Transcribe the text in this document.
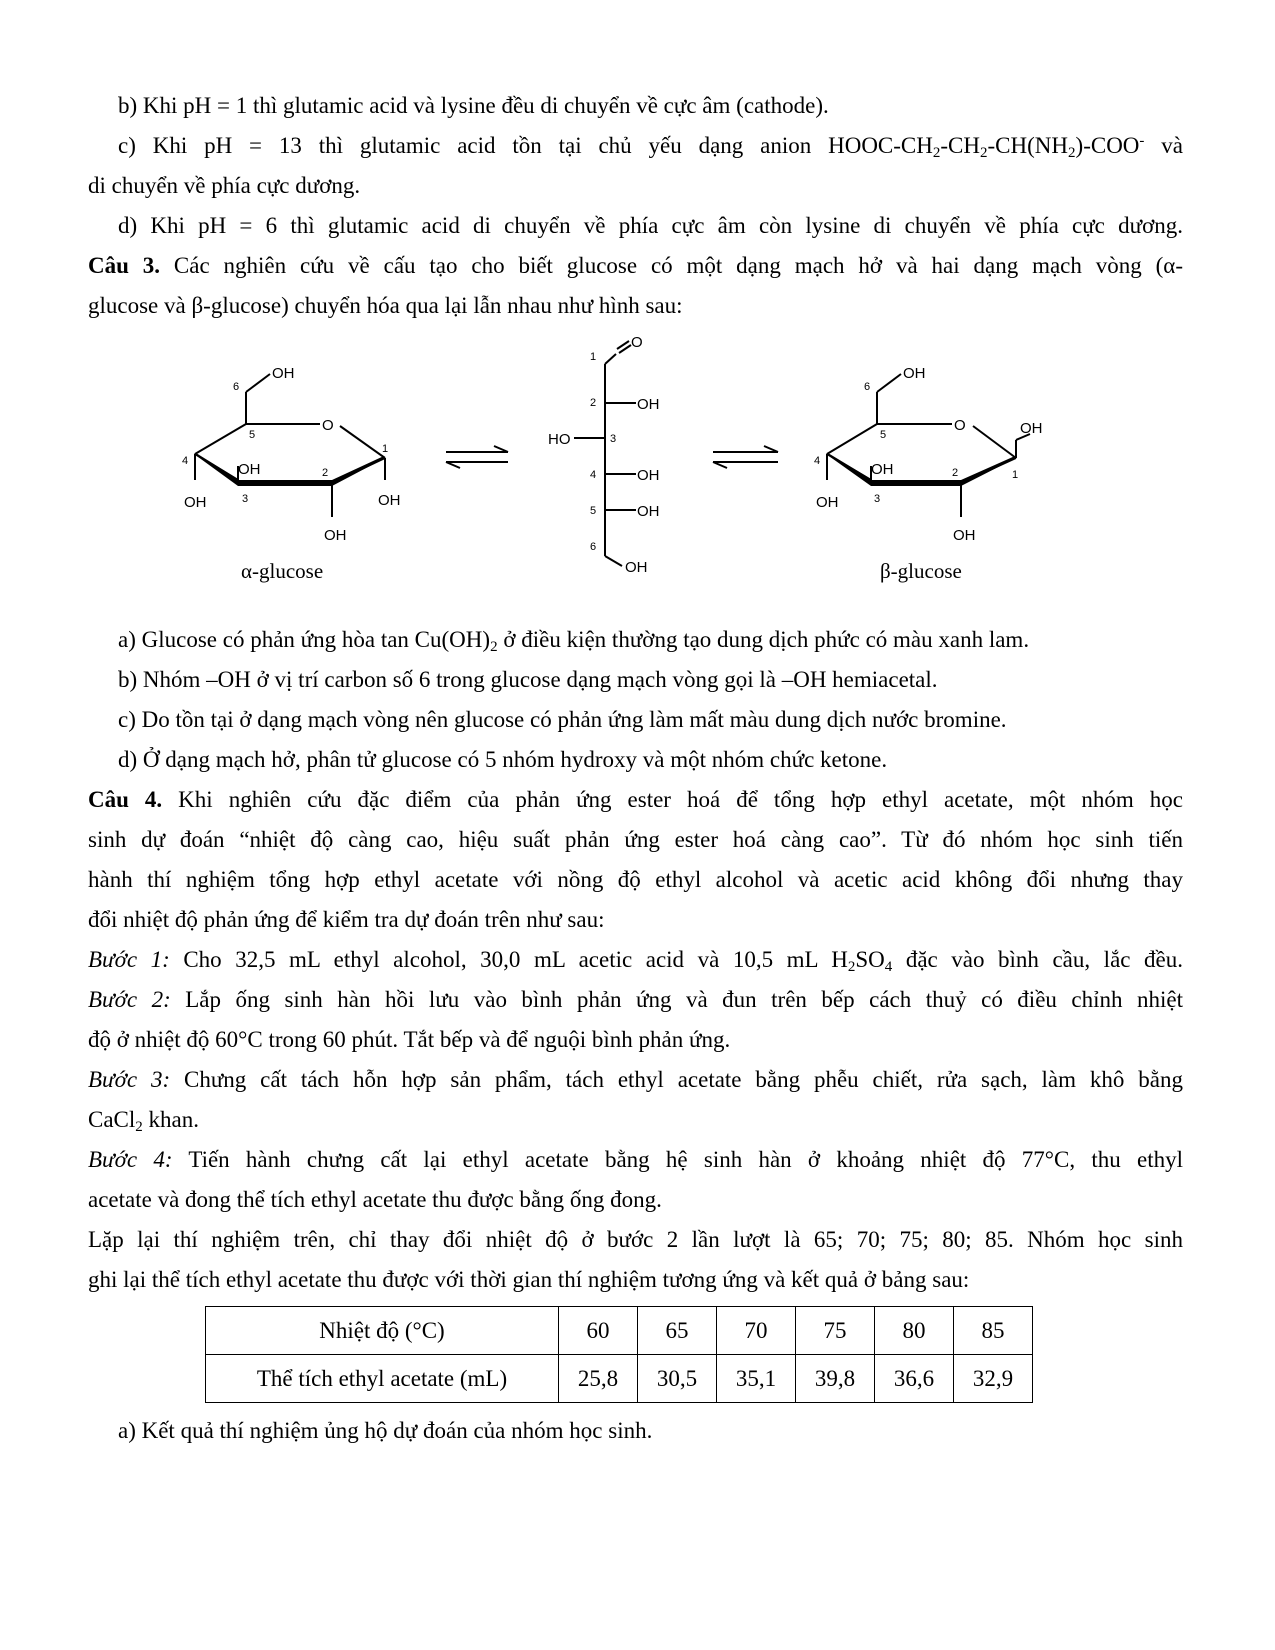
b) Khi pH = 1 thì glutamic acid và lysine đều di chuyển về cực âm (cathode).

c) Khi pH = 13 thì glutamic acid tồn tại chủ yếu dạng anion HOOC-$CH_2-CH_2-CH(NH_2)-COO^-$ và

di chuyển về phía cực dương.

d) Khi pH = 6 thì glutamic acid di chuyển về phía cực âm còn lysine di chuyển về phía cực dương.

Câu 3. Các nghiên cứu về cấu tạo cho biết glucose có một dạng mạch hở và hai dạng mạch vòng (α-

glucose và β-glucose) chuyển hóa qua lại lẫn nhau như hình sau:

OH
O
OH
OH	OH
OH
6
5
4
3
2
1
α-glucose
O
OH
HO
OH
OH
OH
1
2
3
4
5
6
OH
O	OH
OH
OH
OH
6
5
4
3
2	1
β-glucose

a) Glucose có phản ứng hòa $\tan Cu(OH)_2$ ở điều kiện thường tạo dung dịch phức có màu xanh lam.

b) Nhóm –OH ở vị trí carbon số 6 trong glucose dạng mạch vòng gọi là –OH hemiacetal.

c) Do tồn tại ở dạng mạch vòng nên glucose có phản ứng làm mất màu dung dịch nước bromine.

d) Ở dạng mạch hở, phân tử glucose có 5 nhóm hydroxy và một nhóm chức ketone.

Câu 4. Khi nghiên cứu đặc điểm của phản ứng ester hoá để tổng hợp ethyl acetate, một nhóm học

sinh dự đoán “nhiệt độ càng cao, hiệu suất phản ứng ester hoá càng cao”. Từ đó nhóm học sinh tiến

hành thí nghiệm tổng hợp ethyl acetate với nồng độ ethyl alcohol và acetic acid không đổi nhưng thay

đổi nhiệt độ phản ứng để kiểm tra dự đoán trên như sau:

Bước 1: Cho 32,5 mL ethyl alcohol, 30,0 mL acetic acid và 10,5 mL $H_2SO_4$ đặc vào bình cầu, lắc đều.

Bước 2: Lắp ống sinh hàn hồi lưu vào bình phản ứng và đun trên bếp cách thuỷ có điều chỉnh nhiệt

độ ở nhiệt độ 60°C trong 60 phút. Tắt bếp và để nguội bình phản ứng.

Bước 3: Chưng cất tách hỗn hợp sản phẩm, tách ethyl acetate bằng phễu chiết, rửa sạch, làm khô bằng

CaCl$_2$ khan.

Bước 4: Tiến hành chưng cất lại ethyl acetate bằng hệ sinh hàn ở khoảng nhiệt độ 77°C, thu ethyl

acetate và đong thể tích ethyl acetate thu được bằng ống đong.

Lặp lại thí nghiệm trên, chỉ thay đổi nhiệt độ ở bước 2 lần lượt là 65; 70; 75; 80; 85. Nhóm học sinh

ghi lại thể tích ethyl acetate thu được với thời gian thí nghiệm tương ứng và kết quả ở bảng sau:

Nhiệt độ (°C)	60	65	70	75	80	85
Thể tích ethyl acetate (mL)	25,8	30,5	35,1	39,8	36,6	32,9

a) Kết quả thí nghiệm ủng hộ dự đoán của nhóm học sinh.
